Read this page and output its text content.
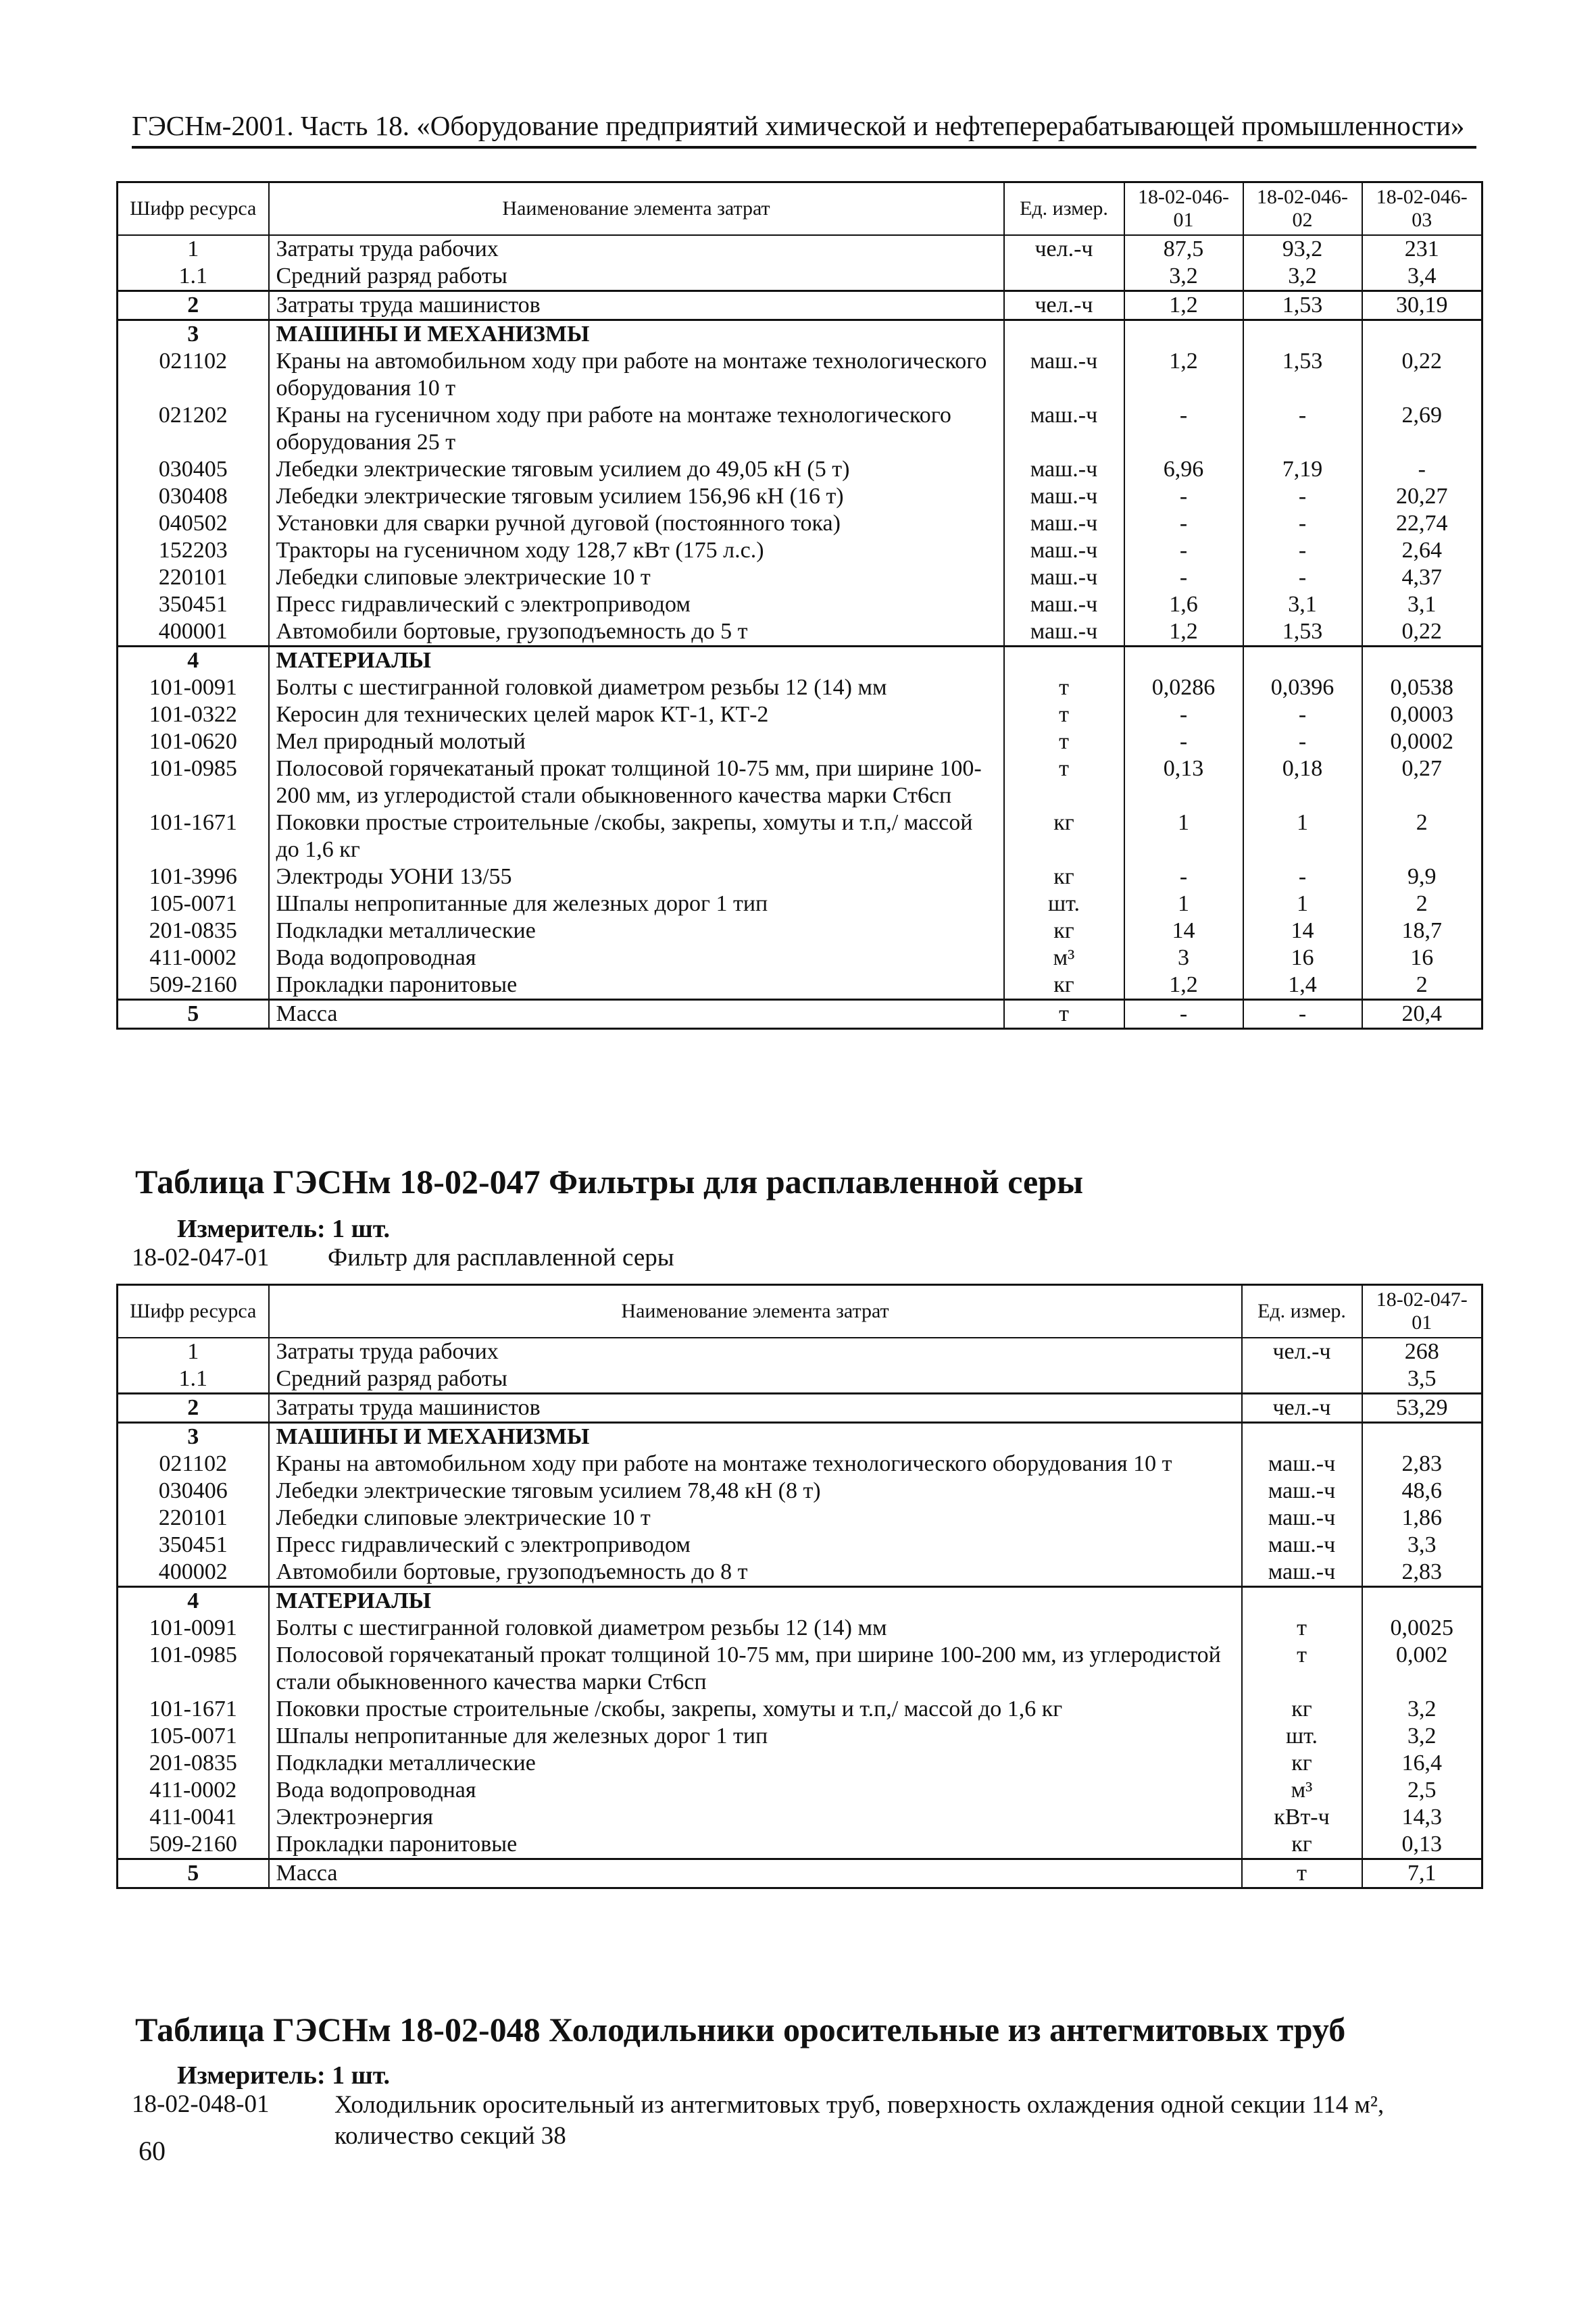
ГЭСНм-2001. Часть 18. «Оборудование предприятий химической и нефтеперерабатывающей промышленности»
Шифр ресурса	Наименование элемента затрат	Ед. измер.	18-02-046-01	18-02-046-02	18-02-046-03
1	Затраты труда рабочих	чел.-ч	87,5	93,2	231
1.1	Средний разряд работы		3,2	3,2	3,4
2	Затраты труда машинистов	чел.-ч	1,2	1,53	30,19
3	МАШИНЫ И МЕХАНИЗМЫ				
021102	Краны на автомобильном ходу при работе на монтаже технологического оборудования 10 т	маш.-ч	1,2	1,53	0,22
021202	Краны на гусеничном ходу при работе на монтаже технологического оборудования 25 т	маш.-ч	-	-	2,69
030405	Лебедки электрические тяговым усилием до 49,05 кН (5 т)	маш.-ч	6,96	7,19	-
030408	Лебедки электрические тяговым усилием 156,96 кН (16 т)	маш.-ч	-	-	20,27
040502	Установки для сварки ручной дуговой (постоянного тока)	маш.-ч	-	-	22,74
152203	Тракторы на гусеничном ходу 128,7 кВт (175 л.с.)	маш.-ч	-	-	2,64
220101	Лебедки слиповые электрические 10 т	маш.-ч	-	-	4,37
350451	Пресс гидравлический с электроприводом	маш.-ч	1,6	3,1	3,1
400001	Автомобили бортовые, грузоподъемность до 5 т	маш.-ч	1,2	1,53	0,22
4	МАТЕРИАЛЫ				
101-0091	Болты с шестигранной головкой диаметром резьбы 12 (14) мм	т	0,0286	0,0396	0,0538
101-0322	Керосин для технических целей марок КТ-1, КТ-2	т	-	-	0,0003
101-0620	Мел природный молотый	т	-	-	0,0002
101-0985	Полосовой горячекатаный прокат толщиной 10-75 мм, при ширине 100-200 мм, из углеродистой стали обыкновенного качества марки Ст6сп	т	0,13	0,18	0,27
101-1671	Поковки простые строительные /скобы, закрепы, хомуты и т.п,/ массой до 1,6 кг	кг	1	1	2
101-3996	Электроды УОНИ 13/55	кг	-	-	9,9
105-0071	Шпалы непропитанные для железных дорог 1 тип	шт.	1	1	2
201-0835	Подкладки металлические	кг	14	14	18,7
411-0002	Вода водопроводная	м³	3	16	16
509-2160	Прокладки паронитовые	кг	1,2	1,4	2
5	Масса	т	-	-	20,4
Таблица ГЭСНм 18-02-047 Фильтры для расплавленной серы
Измеритель: 1 шт.
18-02-047-01 Фильтр для расплавленной серы
Шифр ресурса	Наименование элемента затрат	Ед. измер.	18-02-047-01
1	Затраты труда рабочих	чел.-ч	268
1.1	Средний разряд работы		3,5
2	Затраты труда машинистов	чел.-ч	53,29
3	МАШИНЫ И МЕХАНИЗМЫ		
021102	Краны на автомобильном ходу при работе на монтаже технологического оборудования 10 т	маш.-ч	2,83
030406	Лебедки электрические тяговым усилием 78,48 кН (8 т)	маш.-ч	48,6
220101	Лебедки слиповые электрические 10 т	маш.-ч	1,86
350451	Пресс гидравлический с электроприводом	маш.-ч	3,3
400002	Автомобили бортовые, грузоподъемность до 8 т	маш.-ч	2,83
4	МАТЕРИАЛЫ		
101-0091	Болты с шестигранной головкой диаметром резьбы 12 (14) мм	т	0,0025
101-0985	Полосовой горячекатаный прокат толщиной 10-75 мм, при ширине 100-200 мм, из углеродистой стали обыкновенного качества марки Ст6сп	т	0,002
101-1671	Поковки простые строительные /скобы, закрепы, хомуты и т.п,/ массой до 1,6 кг	кг	3,2
105-0071	Шпалы непропитанные для железных дорог 1 тип	шт.	3,2
201-0835	Подкладки металлические	кг	16,4
411-0002	Вода водопроводная	м³	2,5
411-0041	Электроэнергия	кВт-ч	14,3
509-2160	Прокладки паронитовые	кг	0,13
5	Масса	т	7,1
Таблица ГЭСНм 18-02-048 Холодильники оросительные из антегмитовых труб
Измеритель: 1 шт.
18-02-048-01	Холодильник оросительный из антегмитовых труб, поверхность охлаждения одной секции 114 м², количество секций 38
60
